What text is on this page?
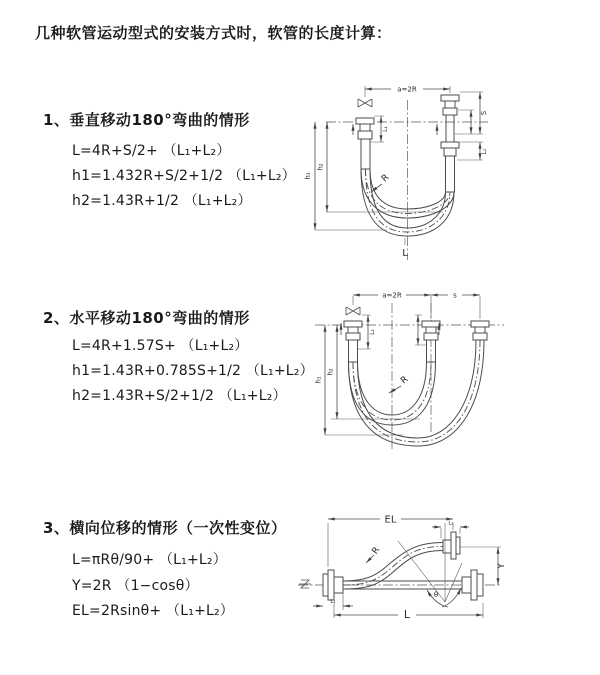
几种软管运动型式的安装方式时，软管的长度计算：
1、垂直移动180°弯曲的情形
L=4R+S/2+ （L₁+L₂）
h1=1.432R+S/2+1/2 （L₁+L₂）
h2=1.43R+1/2 （L₁+L₂）
2、水平移动180°弯曲的情形
L=4R+1.57S+ （L₁+L₂）
h1=1.43R+0.785S+1/2 （L₁+L₂）
h2=1.43R+S/2+1/2 （L₁+L₂）
3、横向位移的情形（一次性变位）
L=πRθ/90+ （L₁+L₂）
Y=2R （1−cosθ）
EL=2Rsinθ+ （L₁+L₂）
a=2R
h₁
h₂
L₁
S
L₂
R
L
a=2R	s
h₁
h₂
L₁
R
EL	L₁
Y
θ
R
L
L₁
